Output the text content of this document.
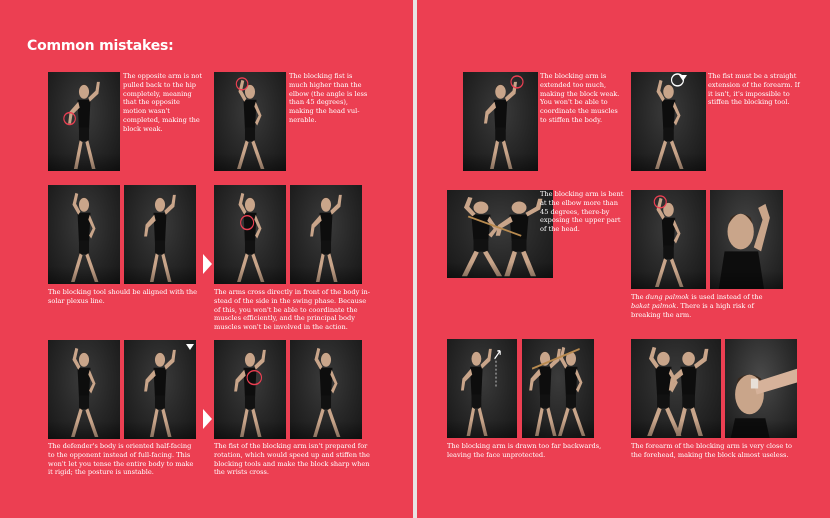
Common mistakes:

The opposite arm is not pulled back to the hip completely, meaning that the opposite motion wasn't completed, making the block weak.

The blocking fist is much higher than the elbow (the angle is less than 45 degrees), making the head vul-nerable.

The blocking tool should be aligned with the solar plexus line.

The arms cross directly in front of the body in-stead of the side in the swing phase. Because of this, you won't be able to coordinate the muscles efficiently, and the principal body muscles won't be involved in the action.

The defender's body is oriented half-facing to the opponent instead of full-facing. This won't let you tense the entire body to make it rigid; the posture is unstable.

The fist of the blocking arm isn't prepared for rotation, which would speed up and stiffen the blocking tools and make the block sharp when the wrists cross.

The blocking arm is extended too much, making the block weak. You won't be able to coordinate the muscles to stiffen the body.

The fist must be a straight extension of the forearm. If it isn't, it's impossible to stiffen the blocking tool.

The blocking arm is bent at the elbow more than 45 degrees, there-by exposing the upper part of the head.

The dung palmok is used instead of the bakat palmok. There is a high risk of breaking the arm.

The blocking arm is drawn too far backwards, leaving the face unprotected.

The forearm of the blocking arm is very close to the forehead, making the block almost useless.
